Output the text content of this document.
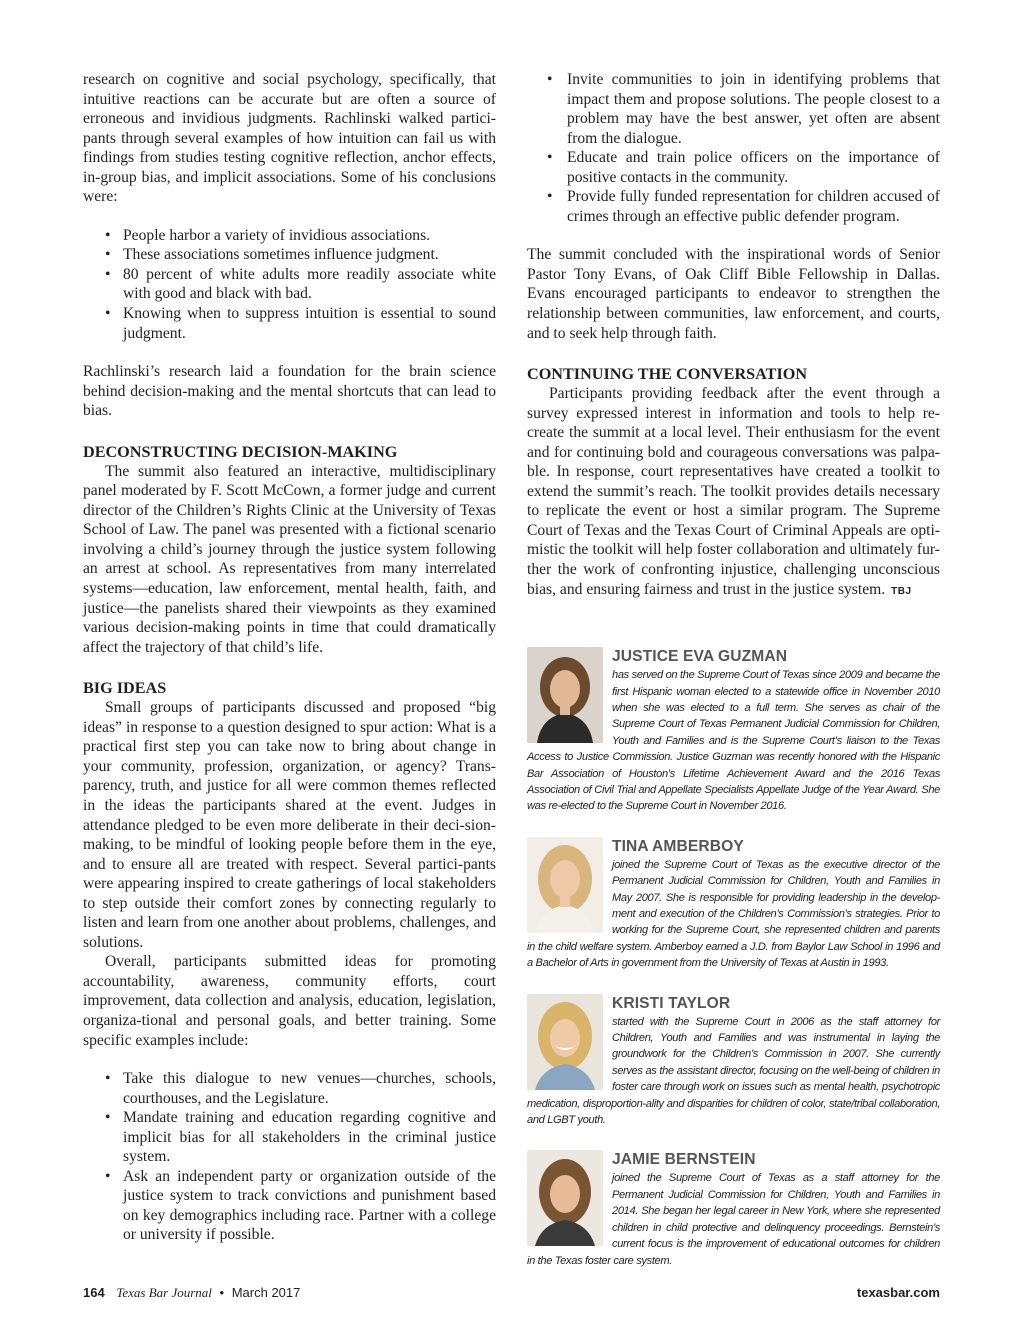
research on cognitive and social psychology, specifically, that intuitive reactions can be accurate but are often a source of erroneous and invidious judgments. Rachlinski walked partici-pants through several examples of how intuition can fail us with findings from studies testing cognitive reflection, anchor effects, in-group bias, and implicit associations. Some of his conclusions were:

• People harbor a variety of invidious associations.
• These associations sometimes influence judgment.
• 80 percent of white adults more readily associate white with good and black with bad.
• Knowing when to suppress intuition is essential to sound judgment.

Rachlinski’s research laid a foundation for the brain science behind decision-making and the mental shortcuts that can lead to bias.

DECONSTRUCTING DECISION-MAKING

The summit also featured an interactive, multidisciplinary panel moderated by F. Scott McCown, a former judge and current director of the Children’s Rights Clinic at the University of Texas School of Law. The panel was presented with a fictional scenario involving a child’s journey through the justice system following an arrest at school. As representatives from many interrelated systems—education, law enforcement, mental health, faith, and justice—the panelists shared their viewpoints as they examined various decision-making points in time that could dramatically affect the trajectory of that child’s life.

BIG IDEAS

Small groups of participants discussed and proposed “big ideas” in response to a question designed to spur action: What is a practical first step you can take now to bring about change in your community, profession, organization, or agency? Trans-parency, truth, and justice for all were common themes reflected in the ideas the participants shared at the event. Judges in attendance pledged to be even more deliberate in their deci-sion-making, to be mindful of looking people before them in the eye, and to ensure all are treated with respect. Several partici-pants were appearing inspired to create gatherings of local stakeholders to step outside their comfort zones by connecting regularly to listen and learn from one another about problems, challenges, and solutions.

Overall, participants submitted ideas for promoting accountability, awareness, community efforts, court improvement, data collection and analysis, education, legislation, organiza-tional and personal goals, and better training. Some specific examples include:

• Take this dialogue to new venues—churches, schools, courthouses, and the Legislature.
• Mandate training and education regarding cognitive and implicit bias for all stakeholders in the criminal justice system.
• Ask an independent party or organization outside of the justice system to track convictions and punishment based on key demographics including race. Partner with a college or university if possible.
• Invite communities to join in identifying problems that impact them and propose solutions. The people closest to a problem may have the best answer, yet often are absent from the dialogue.
• Educate and train police officers on the importance of positive contacts in the community.
• Provide fully funded representation for children accused of crimes through an effective public defender program.

The summit concluded with the inspirational words of Senior Pastor Tony Evans, of Oak Cliff Bible Fellowship in Dallas. Evans encouraged participants to endeavor to strengthen the relationship between communities, law enforcement, and courts, and to seek help through faith.

CONTINUING THE CONVERSATION

Participants providing feedback after the event through a survey expressed interest in information and tools to help re-create the summit at a local level. Their enthusiasm for the event and for continuing bold and courageous conversations was palpa-ble. In response, court representatives have created a toolkit to extend the summit’s reach. The toolkit provides details necessary to replicate the event or host a similar program. The Supreme Court of Texas and the Texas Court of Criminal Appeals are opti-mistic the toolkit will help foster collaboration and ultimately fur-ther the work of confronting injustice, challenging unconscious bias, and ensuring fairness and trust in the justice system. TBJ

JUSTICE EVA GUZMAN
has served on the Supreme Court of Texas since 2009 and became the first Hispanic woman elected to a statewide office in November 2010 when she was elected to a full term. She serves as chair of the Supreme Court of Texas Permanent Judicial Commission for Children, Youth and Families and is the Supreme Court’s liaison to the Texas Access to Justice Commission. Justice Guzman was recently honored with the Hispanic Bar Association of Houston’s Lifetime Achievement Award and the 2016 Texas Association of Civil Trial and Appellate Specialists Appellate Judge of the Year Award. She was re-elected to the Supreme Court in November 2016.
TINA AMBERBOY
joined the Supreme Court of Texas as the executive director of the Permanent Judicial Commission for Children, Youth and Families in May 2007. She is responsible for providing leadership in the develop-ment and execution of the Children’s Commission’s strategies. Prior to working for the Supreme Court, she represented children and parents in the child welfare system. Amberboy earned a J.D. from Baylor Law School in 1996 and a Bachelor of Arts in government from the University of Texas at Austin in 1993.
KRISTI TAYLOR
started with the Supreme Court in 2006 as the staff attorney for Children, Youth and Families and was instrumental in laying the groundwork for the Children’s Commission in 2007. She currently serves as the assistant director, focusing on the well-being of children in foster care through work on issues such as mental health, psychotropic medication, disproportion-ality and disparities for children of color, state/tribal collaboration, and LGBT youth.
JAMIE BERNSTEIN
joined the Supreme Court of Texas as a staff attorney for the Permanent Judicial Commission for Children, Youth and Families in 2014. She began her legal career in New York, where she represented children in child protective and delinquency proceedings. Bernstein’s current focus is the improvement of educational outcomes for children in the Texas foster care system.
164 Texas Bar Journal • March 2017	texasbar.com
